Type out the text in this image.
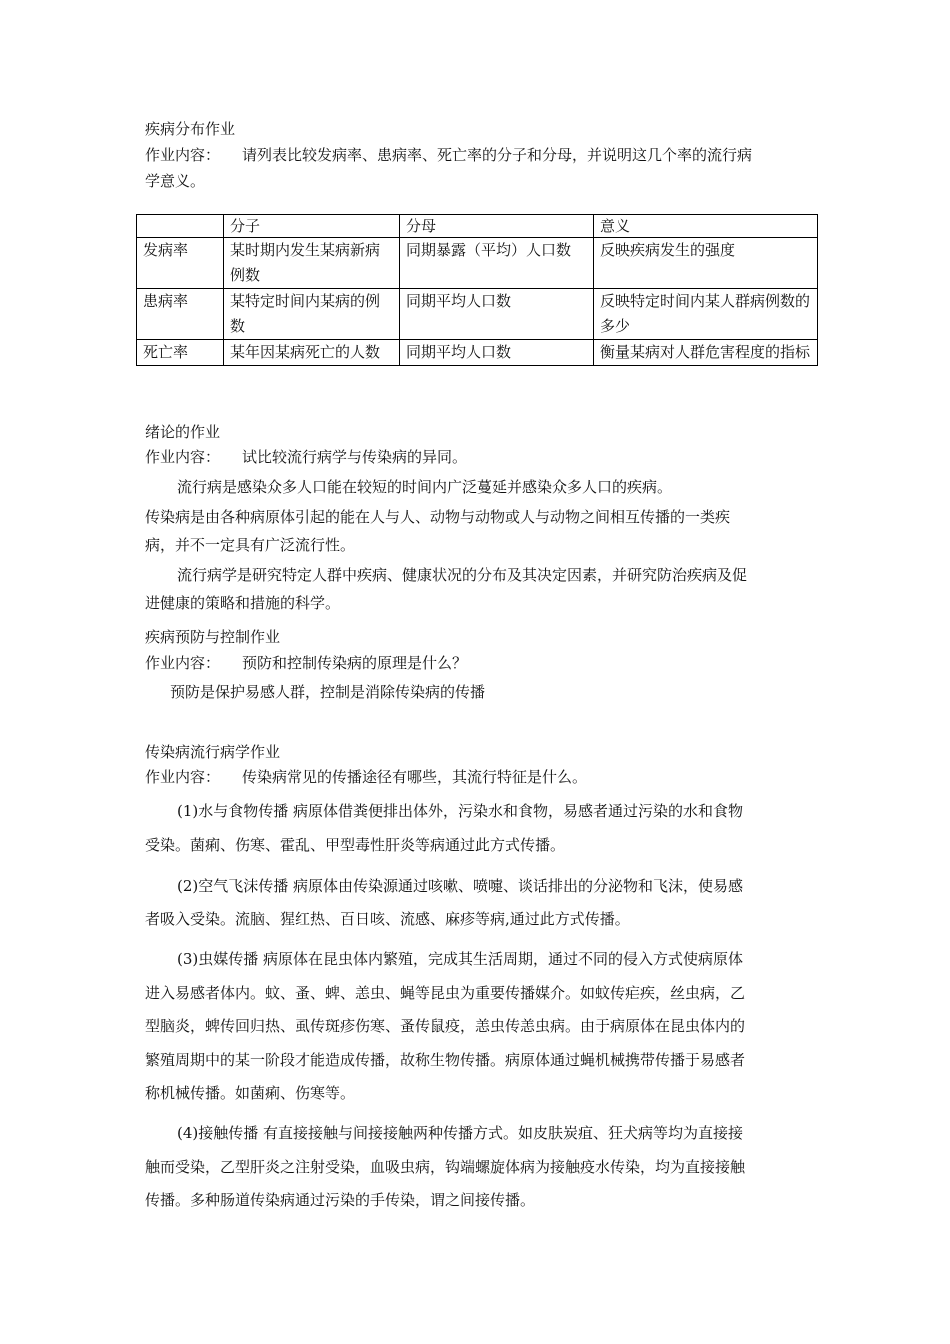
疾病分布作业
作业内容： 请列表比较发病率、患病率、死亡率的分子和分母，并说明这几个率的流行病
学意义。
	分子	分母	意义
发病率	某时期内发生某病新病例数	同期暴露（平均）人口数	反映疾病发生的强度
患病率	某特定时间内某病的例数	同期平均人口数	反映特定时间内某人群病例数的多少
死亡率	某年因某病死亡的人数	同期平均人口数	衡量某病对人群危害程度的指标
绪论的作业
作业内容： 试比较流行病学与传染病的异同。
流行病是感染众多人口能在较短的时间内广泛蔓延并感染众多人口的疾病。
传染病是由各种病原体引起的能在人与人、动物与动物或人与动物之间相互传播的一类疾
病，并不一定具有广泛流行性。
流行病学是研究特定人群中疾病、健康状况的分布及其决定因素，并研究防治疾病及促
进健康的策略和措施的科学。
疾病预防与控制作业
作业内容： 预防和控制传染病的原理是什么？
预防是保护易感人群，控制是消除传染病的传播
传染病流行病学作业
作业内容： 传染病常见的传播途径有哪些，其流行特征是什么。
(1)水与食物传播 病原体借粪便排出体外，污染水和食物，易感者通过污染的水和食物
受染。菌痢、伤寒、霍乱、甲型毒性肝炎等病通过此方式传播。
(2)空气飞沫传播 病原体由传染源通过咳嗽、喷嚏、谈话排出的分泌物和飞沫，使易感
者吸入受染。流脑、猩红热、百日咳、流感、麻疹等病,通过此方式传播。
(3)虫媒传播 病原体在昆虫体内繁殖，完成其生活周期，通过不同的侵入方式使病原体
进入易感者体内。蚊、蚤、蜱、恙虫、蝇等昆虫为重要传播媒介。如蚊传疟疾，丝虫病，乙
型脑炎，蜱传回归热、虱传斑疹伤寒、蚤传鼠疫，恙虫传恙虫病。由于病原体在昆虫体内的
繁殖周期中的某一阶段才能造成传播，故称生物传播。病原体通过蝇机械携带传播于易感者
称机械传播。如菌痢、伤寒等。
(4)接触传播 有直接接触与间接接触两种传播方式。如皮肤炭疽、狂犬病等均为直接接
触而受染，乙型肝炎之注射受染，血吸虫病，钩端螺旋体病为接触疫水传染，均为直接接触
传播。多种肠道传染病通过污染的手传染，谓之间接传播。
